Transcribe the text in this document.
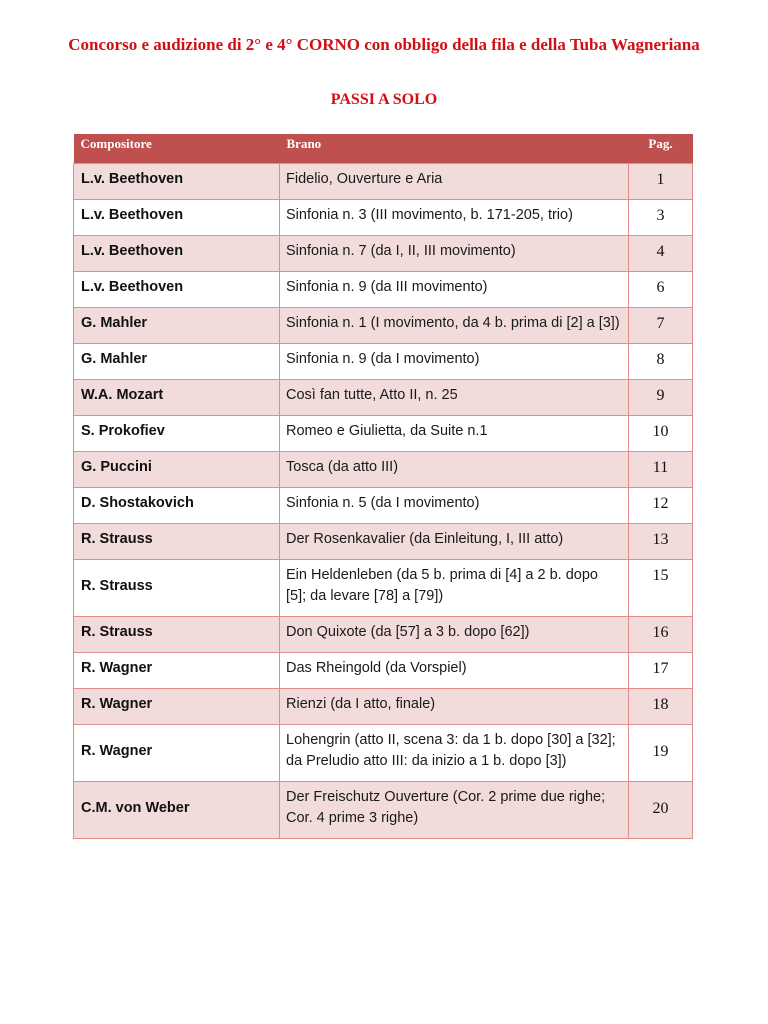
Concorso e audizione di 2° e 4° CORNO con obbligo della fila e della Tuba Wagneriana
PASSI A SOLO
Compositore	Brano	Pag.
L.v. Beethoven	Fidelio, Ouverture e Aria	1
L.v. Beethoven	Sinfonia n. 3 (III movimento, b. 171-205, trio)	3
L.v. Beethoven	Sinfonia n. 7 (da I, II, III movimento)	4
L.v. Beethoven	Sinfonia n. 9 (da III movimento)	6
G. Mahler	Sinfonia n. 1 (I movimento, da 4 b. prima di [2] a [3])	7
G. Mahler	Sinfonia n. 9 (da I movimento)	8
W.A. Mozart	Così fan tutte, Atto II, n. 25	9
S. Prokofiev	Romeo e Giulietta, da Suite n.1	10
G. Puccini	Tosca (da atto III)	11
D. Shostakovich	Sinfonia n. 5 (da I movimento)	12
R. Strauss	Der Rosenkavalier (da Einleitung, I, III atto)	13
R. Strauss	Ein Heldenleben (da 5 b. prima di [4] a 2 b. dopo [5]; da levare [78] a [79])	15
R. Strauss	Don Quixote (da [57] a 3 b. dopo [62])	16
R. Wagner	Das Rheingold (da Vorspiel)	17
R. Wagner	Rienzi (da I atto, finale)	18
R. Wagner	Lohengrin (atto II, scena 3: da 1 b. dopo [30] a [32]; da Preludio atto III: da inizio a 1 b. dopo [3])	19
C.M. von Weber	Der Freischutz Ouverture (Cor. 2 prime due righe; Cor. 4 prime 3 righe)	20
